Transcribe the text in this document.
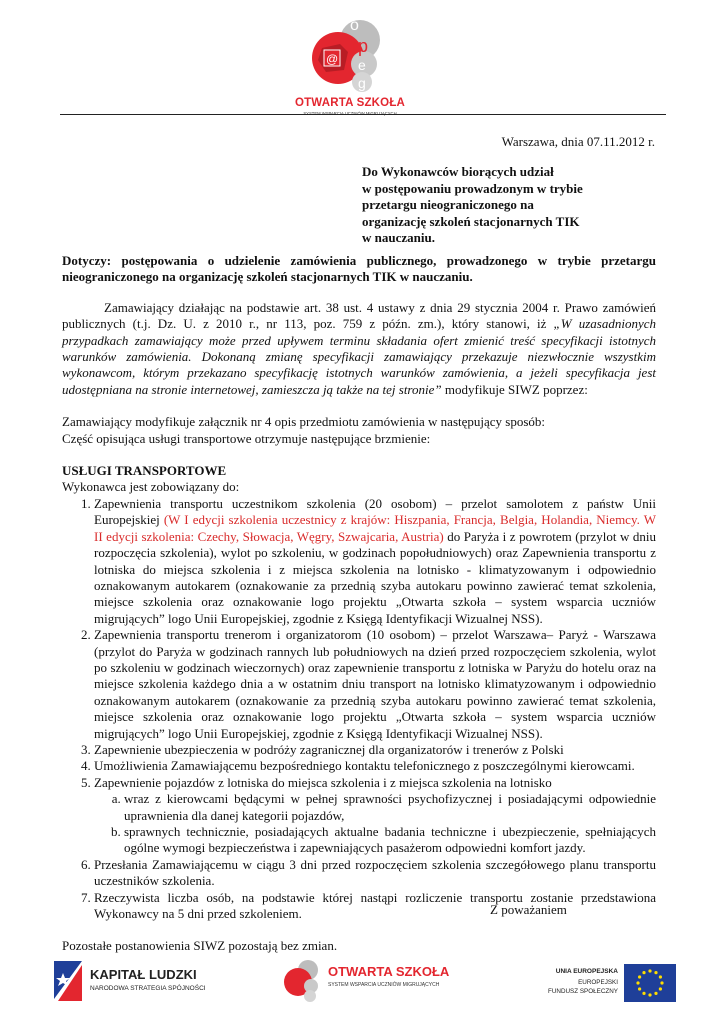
o
rp
e
g
@
OTWARTA SZKOŁA
SYSTEM WSPARCIA UCZNIÓW MIGRUJĄCYCH
Warszawa, dnia 07.11.2012 r.
Do Wykonawców biorących udział
w postępowaniu prowadzonym w trybie
przetargu nieograniczonego na
organizację szkoleń stacjonarnych TIK
w nauczaniu.

Dotyczy: postępowania o udzielenie zamówienia publicznego, prowadzonego w trybie przetargu nieograniczonego na organizację szkoleń stacjonarnych TIK w nauczaniu.

Zamawiający działając na podstawie art. 38 ust. 4 ustawy z dnia 29 stycznia 2004 r. Prawo zamówień publicznych (t.j. Dz. U. z 2010 r., nr 113, poz. 759 z późn. zm.), który stanowi, iż „W uzasadnionych przypadkach zamawiający może przed upływem terminu składania ofert zmienić treść specyfikacji istotnych warunków zamówienia. Dokonaną zmianę specyfikacji zamawiający przekazuje niezwłocznie wszystkim wykonawcom, którym przekazano specyfikację istotnych warunków zamówienia, a jeżeli specyfikacja jest udostępniana na stronie internetowej, zamieszcza ją także na tej stronie” modyfikuje SIWZ poprzez:

Zamawiający modyfikuje załącznik nr 4 opis przedmiotu zamówienia w następujący sposób:

Część opisująca usługi transportowe otrzymuje następujące brzmienie:

USŁUGI TRANSPORTOWE

Wykonawca jest zobowiązany do:

1. Zapewnienia transportu uczestnikom szkolenia (20 osobom) – przelot samolotem z państw Unii Europejskiej (W I edycji szkolenia uczestnicy z krajów: Hiszpania, Francja, Belgia, Holandia, Niemcy. W II edycji szkolenia: Czechy, Słowacja, Węgry, Szwajcaria, Austria) do Paryża i z powrotem (przylot w dniu rozpoczęcia szkolenia), wylot po szkoleniu, w godzinach popołudniowych) oraz Zapewnienia transportu z lotniska do miejsca szkolenia i z miejsca szkolenia na lotnisko - klimatyzowanym i odpowiednio oznakowanym autokarem (oznakowanie za przednią szyba autokaru powinno zawierać temat szkolenia, miejsce szkolenia oraz oznakowanie logo projektu „Otwarta szkoła – system wsparcia uczniów migrujących” logo Unii Europejskiej, zgodnie z Księgą Identyfikacji Wizualnej NSS).
2. Zapewnienia transportu trenerom i organizatorom (10 osobom) – przelot Warszawa– Paryż - Warszawa (przylot do Paryża w godzinach rannych lub południowych na dzień przed rozpoczęciem szkolenia, wylot po szkoleniu w godzinach wieczornych) oraz zapewnienie transportu z lotniska w Paryżu do hotelu oraz na miejsce szkolenia każdego dnia a w ostatnim dniu transport na lotnisko klimatyzowanym i odpowiednio oznakowanym autokarem (oznakowanie za przednią szyba autokaru powinno zawierać temat szkolenia, miejsce szkolenia oraz oznakowanie logo projektu „Otwarta szkoła – system wsparcia uczniów migrujących” logo Unii Europejskiej, zgodnie z Księgą Identyfikacji Wizualnej NSS).
3. Zapewnienie ubezpieczenia w podróży zagranicznej dla organizatorów i trenerów z Polski
4. Umożliwienia Zamawiającemu bezpośredniego kontaktu telefonicznego z poszczególnymi kierowcami.
5. Zapewnienie pojazdów z lotniska do miejsca szkolenia i z miejsca szkolenia na lotnisko
a. wraz z kierowcami będącymi w pełnej sprawności psychofizycznej i posiadającymi odpowiednie uprawnienia dla danej kategorii pojazdów,
b. sprawnych technicznie, posiadających aktualne badania techniczne i ubezpieczenie, spełniających ogólne wymogi bezpieczeństwa i zapewniających pasażerom odpowiedni komfort jazdy.
6. Przesłania Zamawiającemu w ciągu 3 dni przed rozpoczęciem szkolenia szczegółowego planu transportu uczestników szkolenia.
7. Rzeczywista liczba osób, na podstawie której nastąpi rozliczenie transportu zostanie przedstawiona Wykonawcy na 5 dni przed szkoleniem.

Pozostałe postanowienia SIWZ pozostają bez zmian.

Z poważaniem
KAPITAŁ LUDZKI
NARODOWA STRATEGIA SPÓJNOŚCI
OTWARTA SZKOŁA
SYSTEM WSPARCIA UCZNIÓW MIGRUJĄCYCH
UNIA EUROPEJSKA
EUROPEJSKI
FUNDUSZ SPOŁECZNY
